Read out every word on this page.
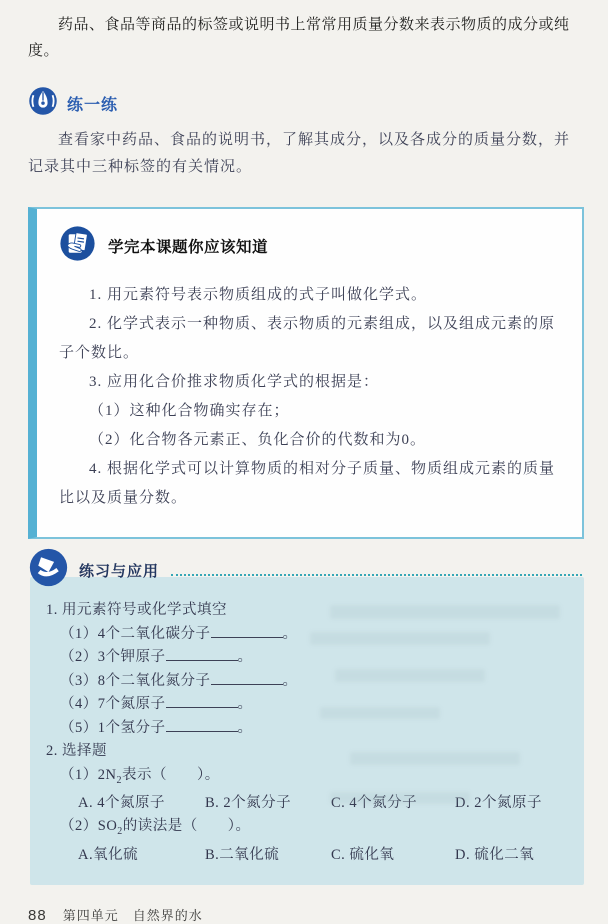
药品、食品等商品的标签或说明书上常常用质量分数来表示物质的成分或纯度。

练一练

查看家中药品、食品的说明书，了解其成分，以及各成分的质量分数，并记录其中三种标签的有关情况。

学完本课题你应该知道

1. 用元素符号表示物质组成的式子叫做化学式。

2. 化学式表示一种物质、表示物质的元素组成，以及组成元素的原子个数比。

3. 应用化合价推求物质化学式的根据是：

（1）这种化合物确实存在；

（2）化合物各元素正、负化合价的代数和为0。

4. 根据化学式可以计算物质的相对分子质量、物质组成元素的质量比以及质量分数。

练习与应用

1. 用元素符号或化学式填空

（1）4个二氧化碳分子	。
（2）3个钾原子	。
（3）8个二氧化氮分子	。
（4）7个氮原子	。
（5）1个氢分子	。

2. 选择题

$(1)2N_2$表示（　　）。

A. 4个氮原子	B. 2个氮分子	C. 4个氮分子	D. 2个氮原子

$(2)SO_2$的读法是（　　）。

A.氧化硫	B.二氧化硫	C. 硫化氧	D. 硫化二氧
88 第四单元　自然界的水
